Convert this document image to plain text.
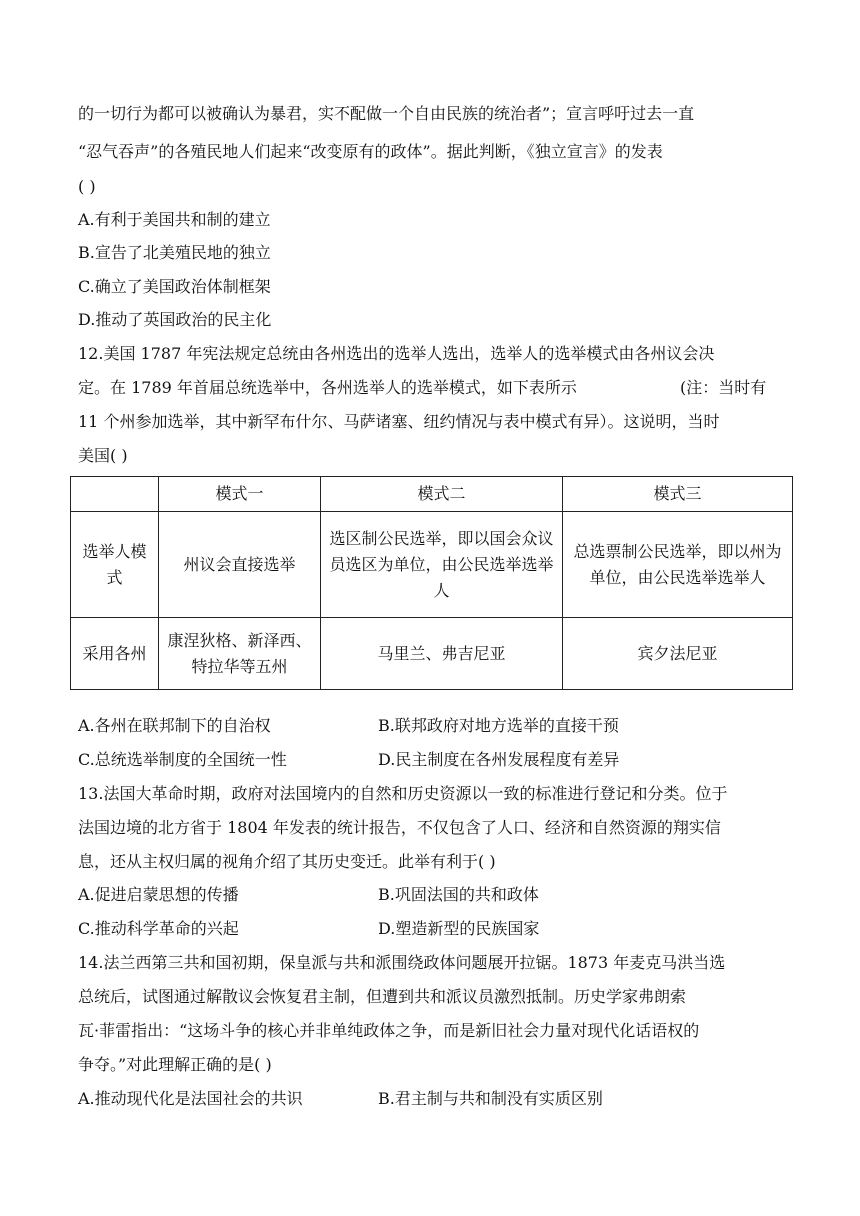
的一切行为都可以被确认为暴君，实不配做一个自由民族的统治者”；宣言呼吁过去一直
“忍气吞声”的各殖民地人们起来“改变原有的政体”。据此判断，《独立宣言》的发表
( )
A.有利于美国共和制的建立
B.宣告了北美殖民地的独立
C.确立了美国政治体制框架
D.推动了英国政治的民主化
12.美国 1787 年宪法规定总统由各州选出的选举人选出，选举人的选举模式由各州议会决
定。在 1789 年首届总统选举中，各州选举人的选举模式，如下表所示	(注：当时有
11 个州参加选举，其中新罕布什尔、马萨诸塞、纽约情况与表中模式有异）。这说明，当时
美国( )
	模式一	模式二	模式三
选举人模式	州议会直接选举	选区制公民选举，即以国会众议员选区为单位，由公民选举选举人	总选票制公民选举，即以州为单位，由公民选举选举人
采用各州	康涅狄格、新泽西、特拉华等五州	马里兰、弗吉尼亚	宾夕法尼亚
A.各州在联邦制下的自治权	B.联邦政府对地方选举的直接干预
C.总统选举制度的全国统一性	D.民主制度在各州发展程度有差异
13.法国大革命时期，政府对法国境内的自然和历史资源以一致的标准进行登记和分类。位于
法国边境的北方省于 1804 年发表的统计报告，不仅包含了人口、经济和自然资源的翔实信
息，还从主权归属的视角介绍了其历史变迁。此举有利于( )
A.促进启蒙思想的传播	B.巩固法国的共和政体
C.推动科学革命的兴起	D.塑造新型的民族国家
14.法兰西第三共和国初期，保皇派与共和派围绕政体问题展开拉锯。1873 年麦克马洪当选
总统后，试图通过解散议会恢复君主制，但遭到共和派议员激烈抵制。历史学家弗朗索
瓦·菲雷指出：“这场斗争的核心并非单纯政体之争，而是新旧社会力量对现代化话语权的
争夺。”对此理解正确的是( )
A.推动现代化是法国社会的共识	B.君主制与共和制没有实质区别
